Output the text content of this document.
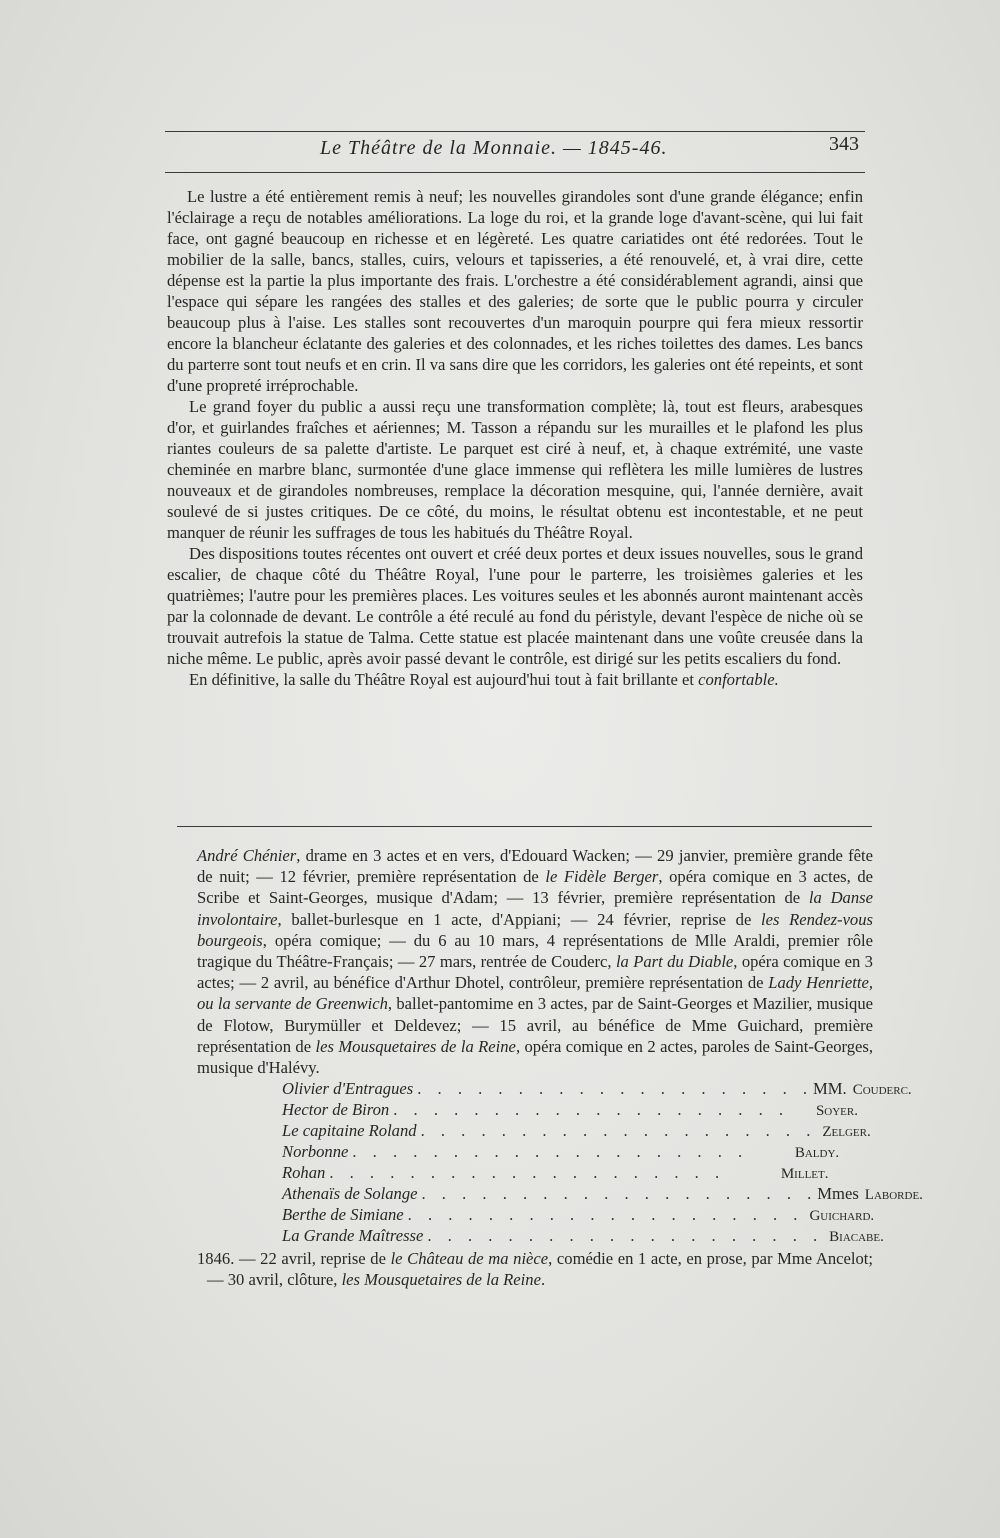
Le Théâtre de la Monnaie. — 1845-46.	343

Le lustre a été entièrement remis à neuf; les nouvelles girandoles sont d'une grande élégance; enfin l'éclairage a reçu de notables améliorations. La loge du roi, et la grande loge d'avant-scène, qui lui fait face, ont gagné beaucoup en richesse et en légèreté. Les quatre cariatides ont été redorées. Tout le mobilier de la salle, bancs, stalles, cuirs, velours et tapisseries, a été renouvelé, et, à vrai dire, cette dépense est la partie la plus importante des frais. L'orchestre a été considérablement agrandi, ainsi que l'espace qui sépare les rangées des stalles et des galeries; de sorte que le public pourra y circuler beaucoup plus à l'aise. Les stalles sont recouvertes d'un maroquin pourpre qui fera mieux ressortir encore la blancheur éclatante des galeries et des colonnades, et les riches toilettes des dames. Les bancs du parterre sont tout neufs et en crin. Il va sans dire que les corridors, les galeries ont été repeints, et sont d'une propreté irréprochable.

Le grand foyer du public a aussi reçu une transformation complète; là, tout est fleurs, arabesques d'or, et guirlandes fraîches et aériennes; M. Tasson a répandu sur les murailles et le plafond les plus riantes couleurs de sa palette d'artiste. Le parquet est ciré à neuf, et, à chaque extrémité, une vaste cheminée en marbre blanc, surmontée d'une glace immense qui reflètera les mille lumières de lustres nouveaux et de girandoles nombreuses, remplace la décoration mesquine, qui, l'année dernière, avait soulevé de si justes critiques. De ce côté, du moins, le résultat obtenu est incontestable, et ne peut manquer de réunir les suffrages de tous les habitués du Théâtre Royal.

Des dispositions toutes récentes ont ouvert et créé deux portes et deux issues nouvelles, sous le grand escalier, de chaque côté du Théâtre Royal, l'une pour le parterre, les troisièmes galeries et les quatrièmes; l'autre pour les premières places. Les voitures seules et les abonnés auront maintenant accès par la colonnade de devant. Le contrôle a été reculé au fond du péristyle, devant l'espèce de niche où se trouvait autrefois la statue de Talma. Cette statue est placée maintenant dans une voûte creusée dans la niche même. Le public, après avoir passé devant le contrôle, est dirigé sur les petits escaliers du fond.

En définitive, la salle du Théâtre Royal est aujourd'hui tout à fait brillante et confortable.

André Chénier, drame en 3 actes et en vers, d'Edouard Wacken; — 29 janvier, première grande fête de nuit; — 12 février, première représentation de le Fidèle Berger, opéra comique en 3 actes, de Scribe et Saint-Georges, musique d'Adam; — 13 février, première représentation de la Danse involontaire, ballet-burlesque en 1 acte, d'Appiani; — 24 février, reprise de les Rendez-vous bourgeois, opéra comique; — du 6 au 10 mars, 4 représentations de Mlle Araldi, premier rôle tragique du Théâtre-Français; — 27 mars, rentrée de Couderc, la Part du Diable, opéra comique en 3 actes; — 2 avril, au bénéfice d'Arthur Dhotel, contrôleur, première représentation de Lady Henriette, ou la servante de Greenwich, ballet-pantomime en 3 actes, par de Saint-Georges et Mazilier, musique de Flotow, Burymüller et Deldevez; — 15 avril, au bénéfice de Mme Guichard, première représentation de les Mousquetaires de la Reine, opéra comique en 2 actes, paroles de Saint-Georges, musique d'Halévy.

Olivier d'Entragues . . . . . . . . . . . . . . . . . . . . MM. Couderc.
Hector de Biron . . . . . . . . . . . . . . . . . . . . Soyer.
Le capitaine Roland . . . . . . . . . . . . . . . . . . . . Zelger.
Norbonne . . . . . . . . . . . . . . . . . . . .	Baldy.
Rohan . . . . . . . . . . . . . . . . . . . .	Millet.
Athenaïs de Solange . . . . . . . . . . . . . . . . . . . . Mmes Laborde.
Berthe de Simiane . . . . . . . . . . . . . . . . . . . . Guichard.
La Grande Maîtresse . . . . . . . . . . . . . . . . . . . . Biacabe.

1846. — 22 avril, reprise de le Château de ma nièce, comédie en 1 acte, en prose, par Mme Ancelot; — 30 avril, clôture, les Mousquetaires de la Reine.
